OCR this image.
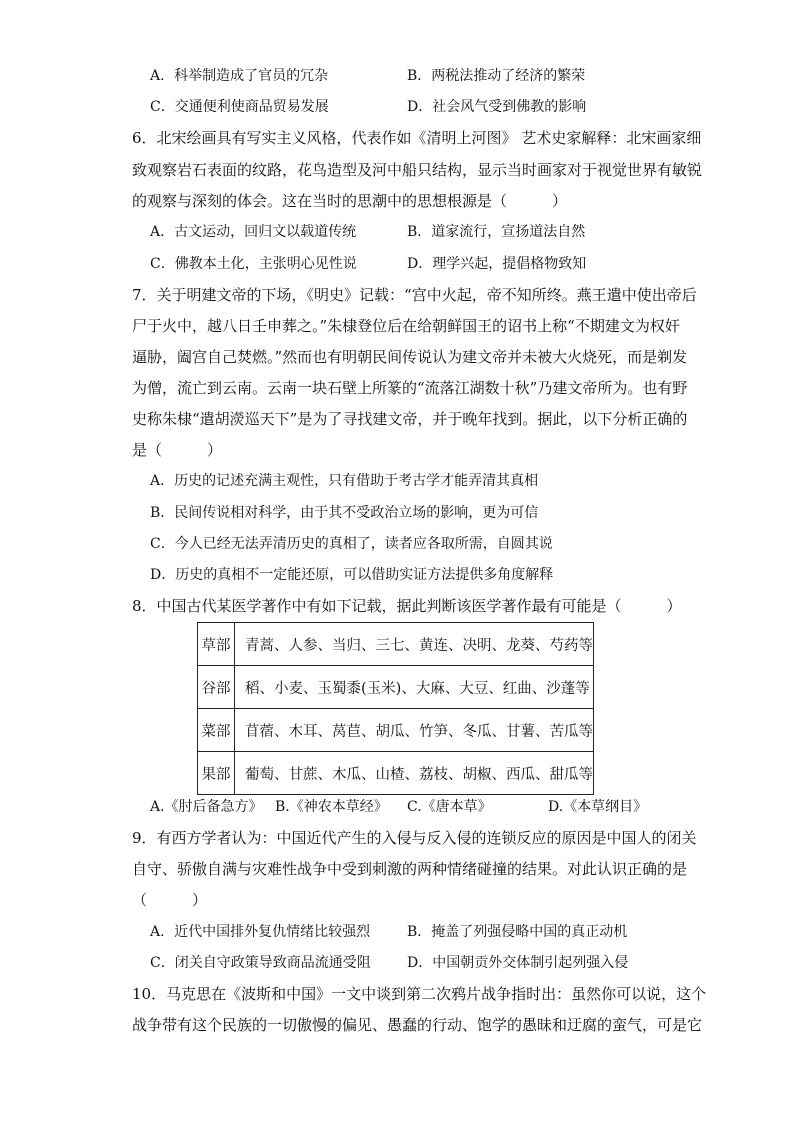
A．科举制造成了官员的冗杂	B．两税法推动了经济的繁荣
C．交通便利使商品贸易发展	D．社会风气受到佛教的影响
6．北宋绘画具有写实主义风格，代表作如《清明上河图》 艺术史家解释：北宋画家细
致观察岩石表面的纹路，花鸟造型及河中船只结构，显示当时画家对于视觉世界有敏锐
的观察与深刻的体会。这在当时的思潮中的思想根源是（　　　）
A．古文运动，回归文以载道传统	B．道家流行，宣扬道法自然
C．佛教本土化，主张明心见性说	D．理学兴起，提倡格物致知
7．关于明建文帝的下场，《明史》记载：“宫中火起，帝不知所终。燕王遣中使出帝后
尸于火中，越八日壬申葬之。”朱棣登位后在给朝鲜国王的诏书上称“不期建文为权奸
逼胁，阖宫自己焚燃。”然而也有明朝民间传说认为建文帝并未被大火烧死，而是剃发
为僧，流亡到云南。云南一块石壁上所篆的“流落江湖数十秋”乃建文帝所为。也有野
史称朱棣“遣胡濙巡天下”是为了寻找建文帝，并于晚年找到。据此，以下分析正确的
是（　　　）
A．历史的记述充满主观性，只有借助于考古学才能弄清其真相
B．民间传说相对科学，由于其不受政治立场的影响，更为可信
C．今人已经无法弄清历史的真相了，读者应各取所需，自圆其说
D．历史的真相不一定能还原，可以借助实证方法提供多角度解释
8．中国古代某医学著作中有如下记载，据此判断该医学著作最有可能是（　　　）
草部	青蒿、人参、当归、三七、黄连、决明、龙葵、芍药等
谷部	稻、小麦、玉蜀黍(玉米)、大麻、大豆、红曲、沙蓬等
菜部	苜蓿、木耳、莴苣、胡瓜、竹笋、冬瓜、甘薯、苦瓜等
果部	葡萄、甘蔗、木瓜、山楂、荔枝、胡椒、西瓜、甜瓜等
A.《肘后备急方》 B.《神农本草经》 C.《唐本草》	D.《本草纲目》
9．有西方学者认为：中国近代产生的入侵与反入侵的连锁反应的原因是中国人的闭关
自守、骄傲自满与灾难性战争中受到刺激的两种情绪碰撞的结果。对此认识正确的是
（　　　）
A．近代中国排外复仇情绪比较强烈	B．掩盖了列强侵略中国的真正动机
C．闭关自守政策导致商品流通受阻	D．中国朝贡外交体制引起列强入侵
10．马克思在《波斯和中国》一文中谈到第二次鸦片战争指时出：虽然你可以说，这个
战争带有这个民族的一切傲慢的偏见、愚蠢的行动、饱学的愚昧和迂腐的蛮气，可是它
